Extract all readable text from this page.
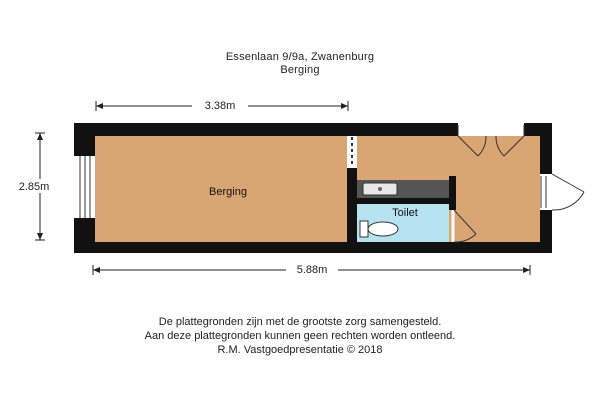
Essenlaan 9/9a, Zwanenburg
Berging
3.38m
2.85m
5.88m
Toilet
Berging
De plattegronden zijn met de grootste zorg samengesteld.
Aan deze plattegronden kunnen geen rechten worden ontleend.
R.M. Vastgoedpresentatie © 2018
